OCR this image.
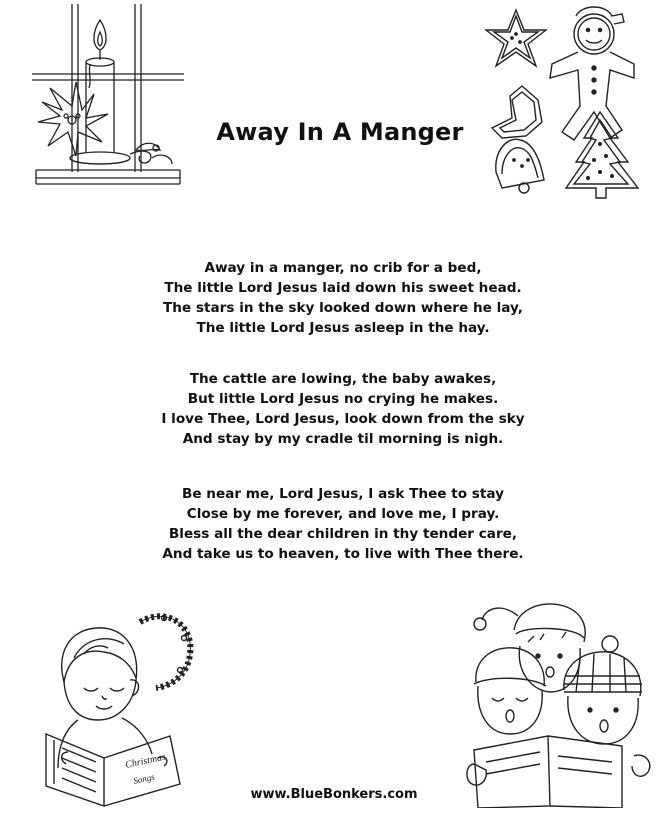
Away In A Manger
Away in a manger, no crib for a bed,
The little Lord Jesus laid down his sweet head.
The stars in the sky looked down where he lay,
The little Lord Jesus asleep in the hay.
The cattle are lowing, the baby awakes,
But little Lord Jesus no crying he makes.
I love Thee, Lord Jesus, look down from the sky
And stay by my cradle til morning is nigh.
Be near me, Lord Jesus, I ask Thee to stay
Close by me forever, and love me, I pray.
Bless all the dear children in thy tender care,
And take us to heaven, to live with Thee there.
Christmas
Songs
www.BlueBonkers.com
